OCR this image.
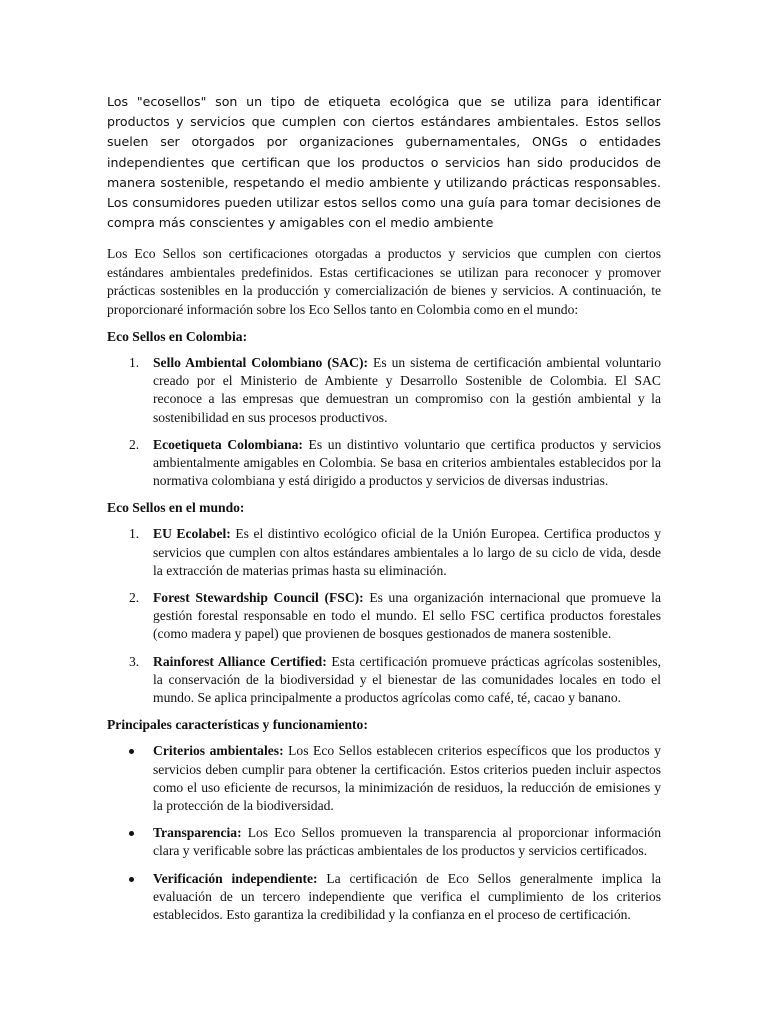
Los "ecosellos" son un tipo de etiqueta ecológica que se utiliza para identificar productos y servicios que cumplen con ciertos estándares ambientales. Estos sellos suelen ser otorgados por organizaciones gubernamentales, ONGs o entidades independientes que certifican que los productos o servicios han sido producidos de manera sostenible, respetando el medio ambiente y utilizando prácticas responsables. Los consumidores pueden utilizar estos sellos como una guía para tomar decisiones de compra más conscientes y amigables con el medio ambiente

Los Eco Sellos son certificaciones otorgadas a productos y servicios que cumplen con ciertos estándares ambientales predefinidos. Estas certificaciones se utilizan para reconocer y promover prácticas sostenibles en la producción y comercialización de bienes y servicios. A continuación, te proporcionaré información sobre los Eco Sellos tanto en Colombia como en el mundo:

Eco Sellos en Colombia:
1. Sello Ambiental Colombiano (SAC): Es un sistema de certificación ambiental voluntario creado por el Ministerio de Ambiente y Desarrollo Sostenible de Colombia. El SAC reconoce a las empresas que demuestran un compromiso con la gestión ambiental y la sostenibilidad en sus procesos productivos.
2. Ecoetiqueta Colombiana: Es un distintivo voluntario que certifica productos y servicios ambientalmente amigables en Colombia. Se basa en criterios ambientales establecidos por la normativa colombiana y está dirigido a productos y servicios de diversas industrias.
Eco Sellos en el mundo:
1. EU Ecolabel: Es el distintivo ecológico oficial de la Unión Europea. Certifica productos y servicios que cumplen con altos estándares ambientales a lo largo de su ciclo de vida, desde la extracción de materias primas hasta su eliminación.
2. Forest Stewardship Council (FSC): Es una organización internacional que promueve la gestión forestal responsable en todo el mundo. El sello FSC certifica productos forestales (como madera y papel) que provienen de bosques gestionados de manera sostenible.
3. Rainforest Alliance Certified: Esta certificación promueve prácticas agrícolas sostenibles, la conservación de la biodiversidad y el bienestar de las comunidades locales en todo el mundo. Se aplica principalmente a productos agrícolas como café, té, cacao y banano.
Principales características y funcionamiento:
Criterios ambientales: Los Eco Sellos establecen criterios específicos que los productos y servicios deben cumplir para obtener la certificación. Estos criterios pueden incluir aspectos como el uso eficiente de recursos, la minimización de residuos, la reducción de emisiones y la protección de la biodiversidad.
Transparencia: Los Eco Sellos promueven la transparencia al proporcionar información clara y verificable sobre las prácticas ambientales de los productos y servicios certificados.
Verificación independiente: La certificación de Eco Sellos generalmente implica la evaluación de un tercero independiente que verifica el cumplimiento de los criterios establecidos. Esto garantiza la credibilidad y la confianza en el proceso de certificación.
